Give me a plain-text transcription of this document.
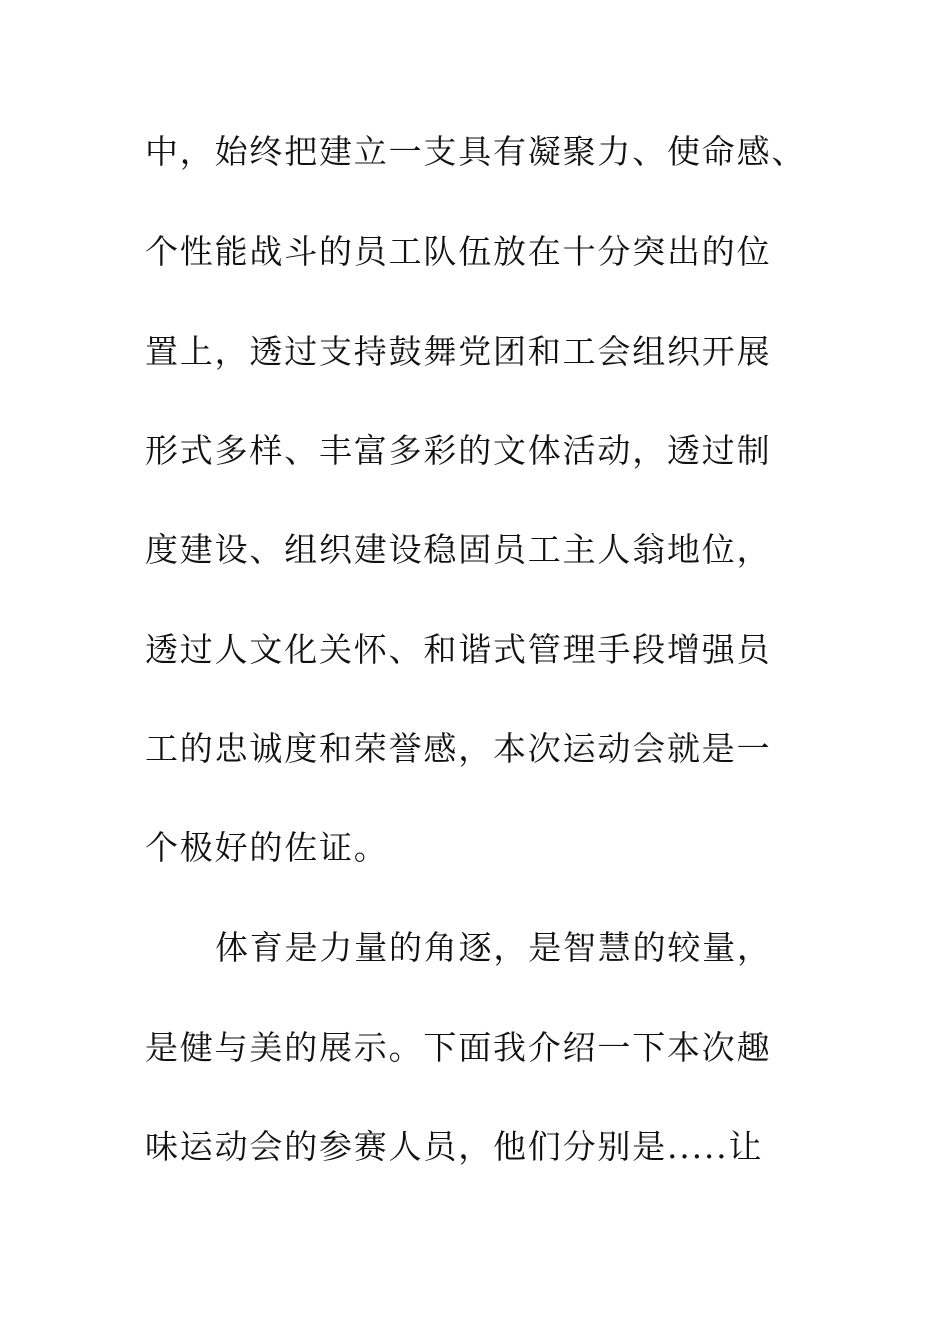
中，始终把建立一支具有凝聚力、使命感、
个性能战斗的员工队伍放在十分突出的位
置上，透过支持鼓舞党团和工会组织开展
形式多样、丰富多彩的文体活动，透过制
度建设、组织建设稳固员工主人翁地位，
透过人文化关怀、和谐式管理手段增强员
工的忠诚度和荣誉感，本次运动会就是一
个极好的佐证。
体育是力量的角逐，是智慧的较量，
是健与美的展示。下面我介绍一下本次趣
味运动会的参赛人员，他们分别是.....让
